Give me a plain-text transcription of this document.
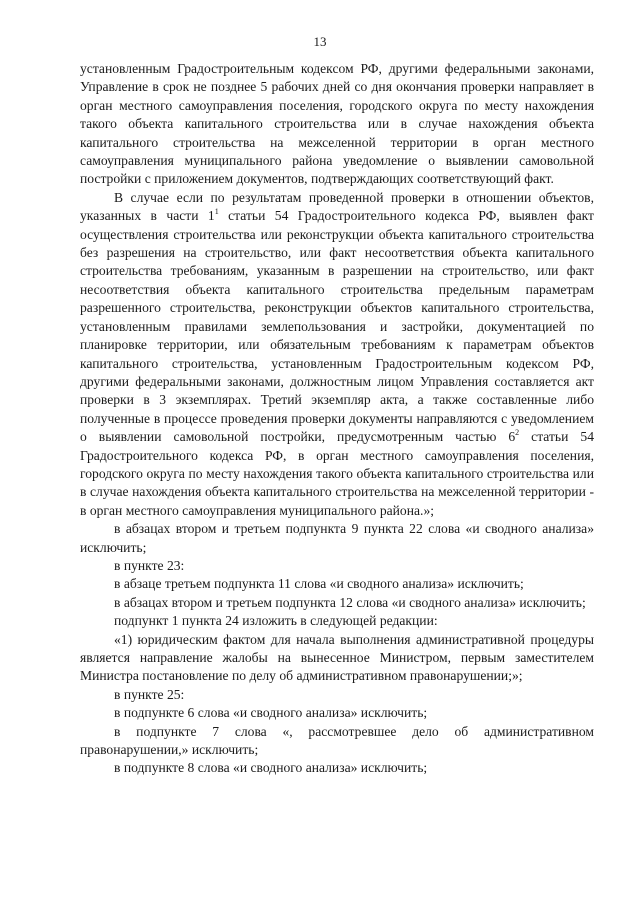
13

установленным Градостроительным кодексом РФ, другими федеральными законами, Управление в срок не позднее 5 рабочих дней со дня окончания проверки направляет в орган местного самоуправления поселения, городского округа по месту нахождения такого объекта капитального строительства или в случае нахождения объекта капитального строительства на межселенной территории в орган местного самоуправления муниципального района уведомление о выявлении самовольной постройки с приложением документов, подтверждающих соответствующий факт.

В случае если по результатам проведенной проверки в отношении объектов, указанных в части $1^1$ статьи 54 Градостроительного кодекса РФ, выявлен факт осуществления строительства или реконструкции объекта капитального строительства без разрешения на строительство, или факт несоответствия объекта капитального строительства требованиям, указанным в разрешении на строительство, или факт несоответствия объекта капитального строительства предельным параметрам разрешенного строительства, реконструкции объектов капитального строительства, установленным правилами землепользования и застройки, документацией по планировке территории, или обязательным требованиям к параметрам объектов капитального строительства, установленным Градостроительным кодексом РФ, другими федеральными законами, должностным лицом Управления составляется акт проверки в 3 экземплярах. Третий экземпляр акта, а также составленные либо полученные в процессе проведения проверки документы направляются с уведомлением о выявлении самовольной постройки, предусмотренным частью $6^2$ статьи 54 Градостроительного кодекса РФ, в орган местного самоуправления поселения, городского округа по месту нахождения такого объекта капитального строительства или в случае нахождения объекта капитального строительства на межселенной территории - в орган местного самоуправления муниципального района.»;

в абзацах втором и третьем подпункта 9 пункта 22 слова «и сводного анализа» исключить;

в пункте 23:

в абзаце третьем подпункта 11 слова «и сводного анализа» исключить;

в абзацах втором и третьем подпункта 12 слова «и сводного анализа» исключить;

подпункт 1 пункта 24 изложить в следующей редакции:

«1) юридическим фактом для начала выполнения административной процедуры является направление жалобы на вынесенное Министром, первым заместителем Министра постановление по делу об административном правонарушении;»;

в пункте 25:

в подпункте 6 слова «и сводного анализа» исключить;

в подпункте 7 слова «, рассмотревшее дело об административном правонарушении,» исключить;

в подпункте 8 слова «и сводного анализа» исключить;
